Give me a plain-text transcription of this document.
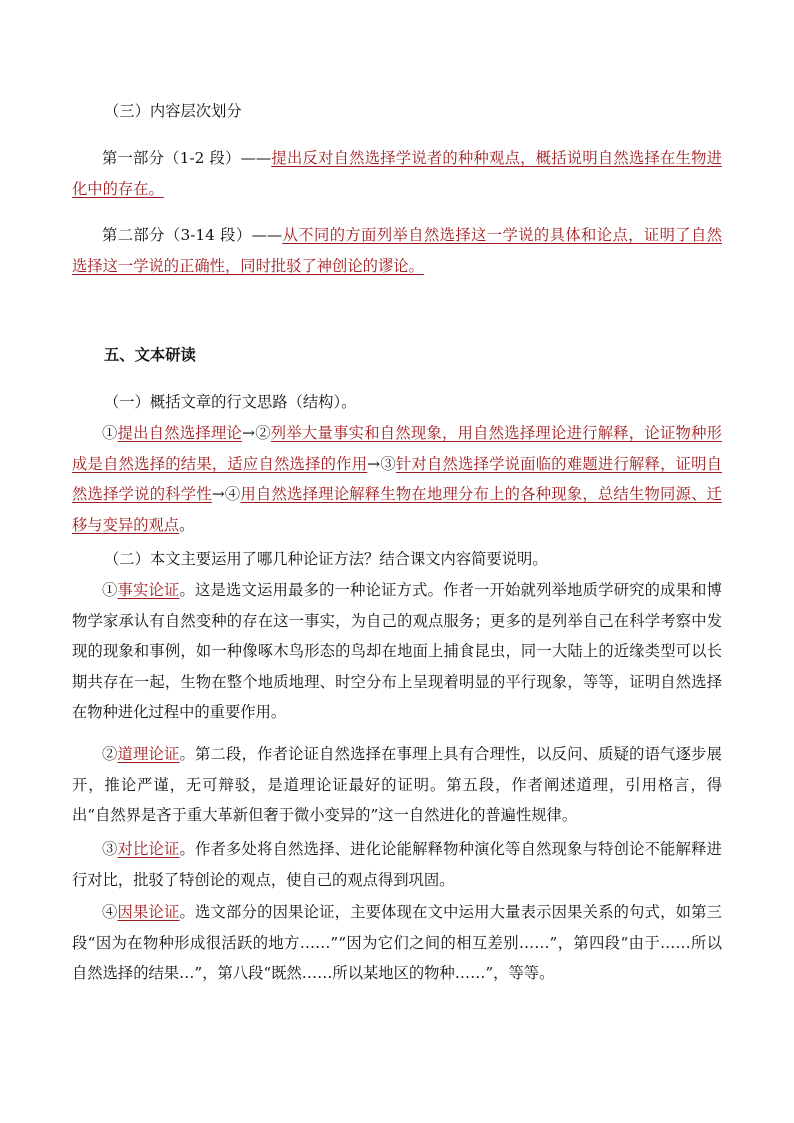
（三）内容层次划分
第一部分（1-2 段）——提出反对自然选择学说者的种种观点，概括说明自然选择在生物进化中的存在。
第二部分（3-14 段）——从不同的方面列举自然选择这一学说的具体和论点，证明了自然选择这一学说的正确性，同时批驳了神创论的谬论。
五、文本研读
（一）概括文章的行文思路（结构）。
①提出自然选择理论→②列举大量事实和自然现象，用自然选择理论进行解释，论证物种形成是自然选择的结果，适应自然选择的作用→③针对自然选择学说面临的难题进行解释，证明自然选择学说的科学性→④用自然选择理论解释生物在地理分布上的各种现象，总结生物同源、迁移与变异的观点。
（二）本文主要运用了哪几种论证方法？结合课文内容简要说明。
①事实论证。这是选文运用最多的一种论证方式。作者一开始就列举地质学研究的成果和博物学家承认有自然变种的存在这一事实，为自己的观点服务；更多的是列举自己在科学考察中发现的现象和事例，如一种像啄木鸟形态的鸟却在地面上捕食昆虫，同一大陆上的近缘类型可以长期共存在一起，生物在整个地质地理、时空分布上呈现着明显的平行现象，等等，证明自然选择在物种进化过程中的重要作用。
②道理论证。第二段，作者论证自然选择在事理上具有合理性，以反问、质疑的语气逐步展开，推论严谨，无可辩驳，是道理论证最好的证明。第五段，作者阐述道理，引用格言，得出“自然界是吝于重大革新但奢于微小变异的”这一自然进化的普遍性规律。
③对比论证。作者多处将自然选择、进化论能解释物种演化等自然现象与特创论不能解释进行对比，批驳了特创论的观点，使自己的观点得到巩固。
④因果论证。选文部分的因果论证，主要体现在文中运用大量表示因果关系的句式，如第三段“因为在物种形成很活跃的地方……”“因为它们之间的相互差别……”，第四段“由于……所以自然选择的结果…”，第八段“既然……所以某地区的物种……”，等等。
